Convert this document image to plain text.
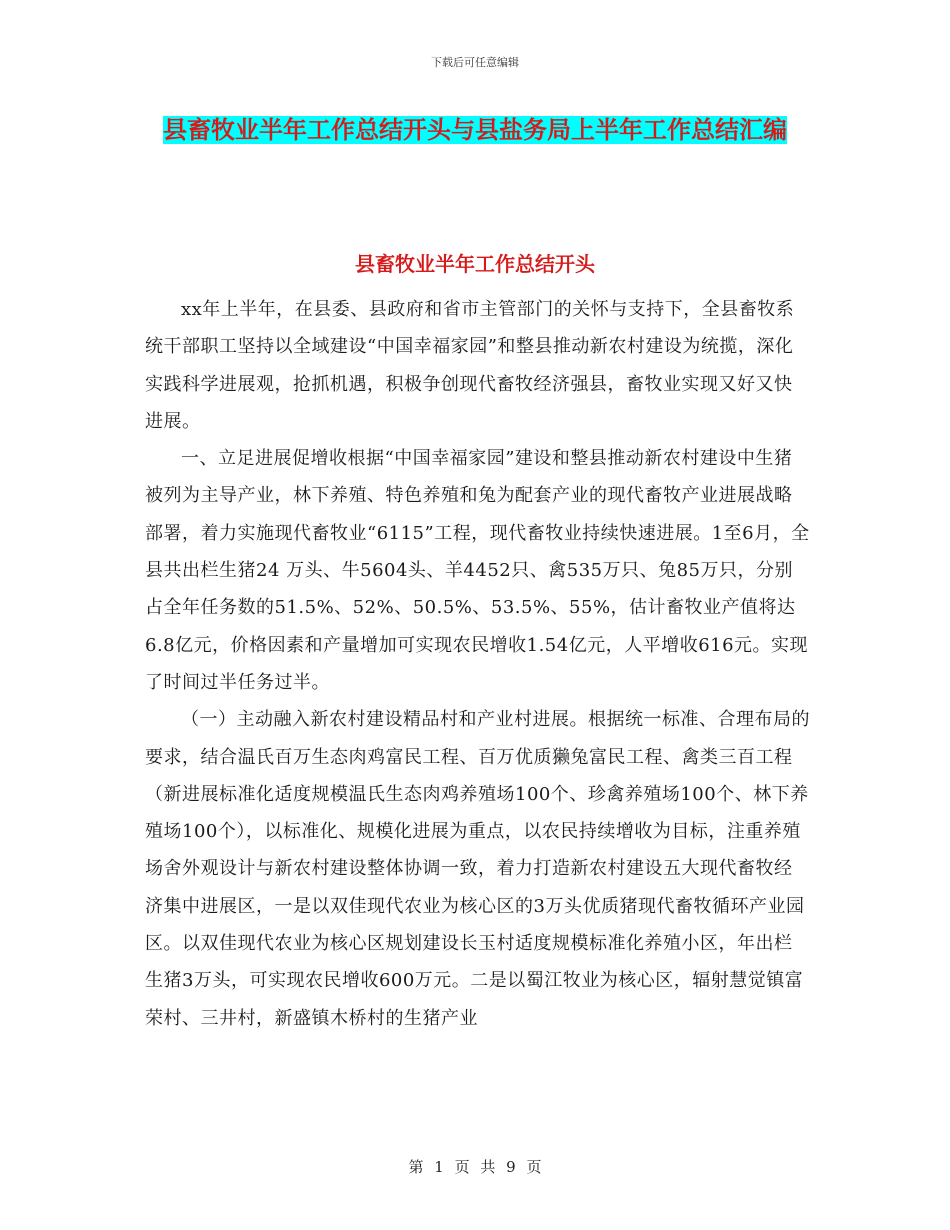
下载后可任意编辑
县畜牧业半年工作总结开头与县盐务局上半年工作总结汇编
县畜牧业半年工作总结开头

xx年上半年，在县委、县政府和省市主管部门的关怀与支持下，全县畜牧系统干部职工坚持以全域建设“中国幸福家园”和整县推动新农村建设为统揽，深化实践科学进展观，抢抓机遇，积极争创现代畜牧经济强县，畜牧业实现又好又快进展。

一、立足进展促增收根据“中国幸福家园”建设和整县推动新农村建设中生猪被列为主导产业，林下养殖、特色养殖和兔为配套产业的现代畜牧产业进展战略部署，着力实施现代畜牧业“6115”工程，现代畜牧业持续快速进展。1至6月，全县共出栏生猪24 万头、牛5604头、羊4452只、禽535万只、兔85万只，分别占全年任务数的51.5%、52%、50.5%、53.5%、55%，估计畜牧业产值将达6.8亿元，价格因素和产量增加可实现农民增收1.54亿元，人平增收616元。实现了时间过半任务过半。

（一）主动融入新农村建设精品村和产业村进展。根据统一标准、合理布局的要求，结合温氏百万生态肉鸡富民工程、百万优质獭兔富民工程、禽类三百工程（新进展标准化适度规模温氏生态肉鸡养殖场100个、珍禽养殖场100个、林下养殖场100个），以标准化、规模化进展为重点，以农民持续增收为目标，注重养殖场舍外观设计与新农村建设整体协调一致，着力打造新农村建设五大现代畜牧经济集中进展区，一是以双佳现代农业为核心区的3万头优质猪现代畜牧循环产业园区。以双佳现代农业为核心区规划建设长玉村适度规模标准化养殖小区，年出栏生猪3万头，可实现农民增收600万元。二是以蜀江牧业为核心区，辐射慧觉镇富荣村、三井村，新盛镇木桥村的生猪产业

第 1 页 共 9 页
